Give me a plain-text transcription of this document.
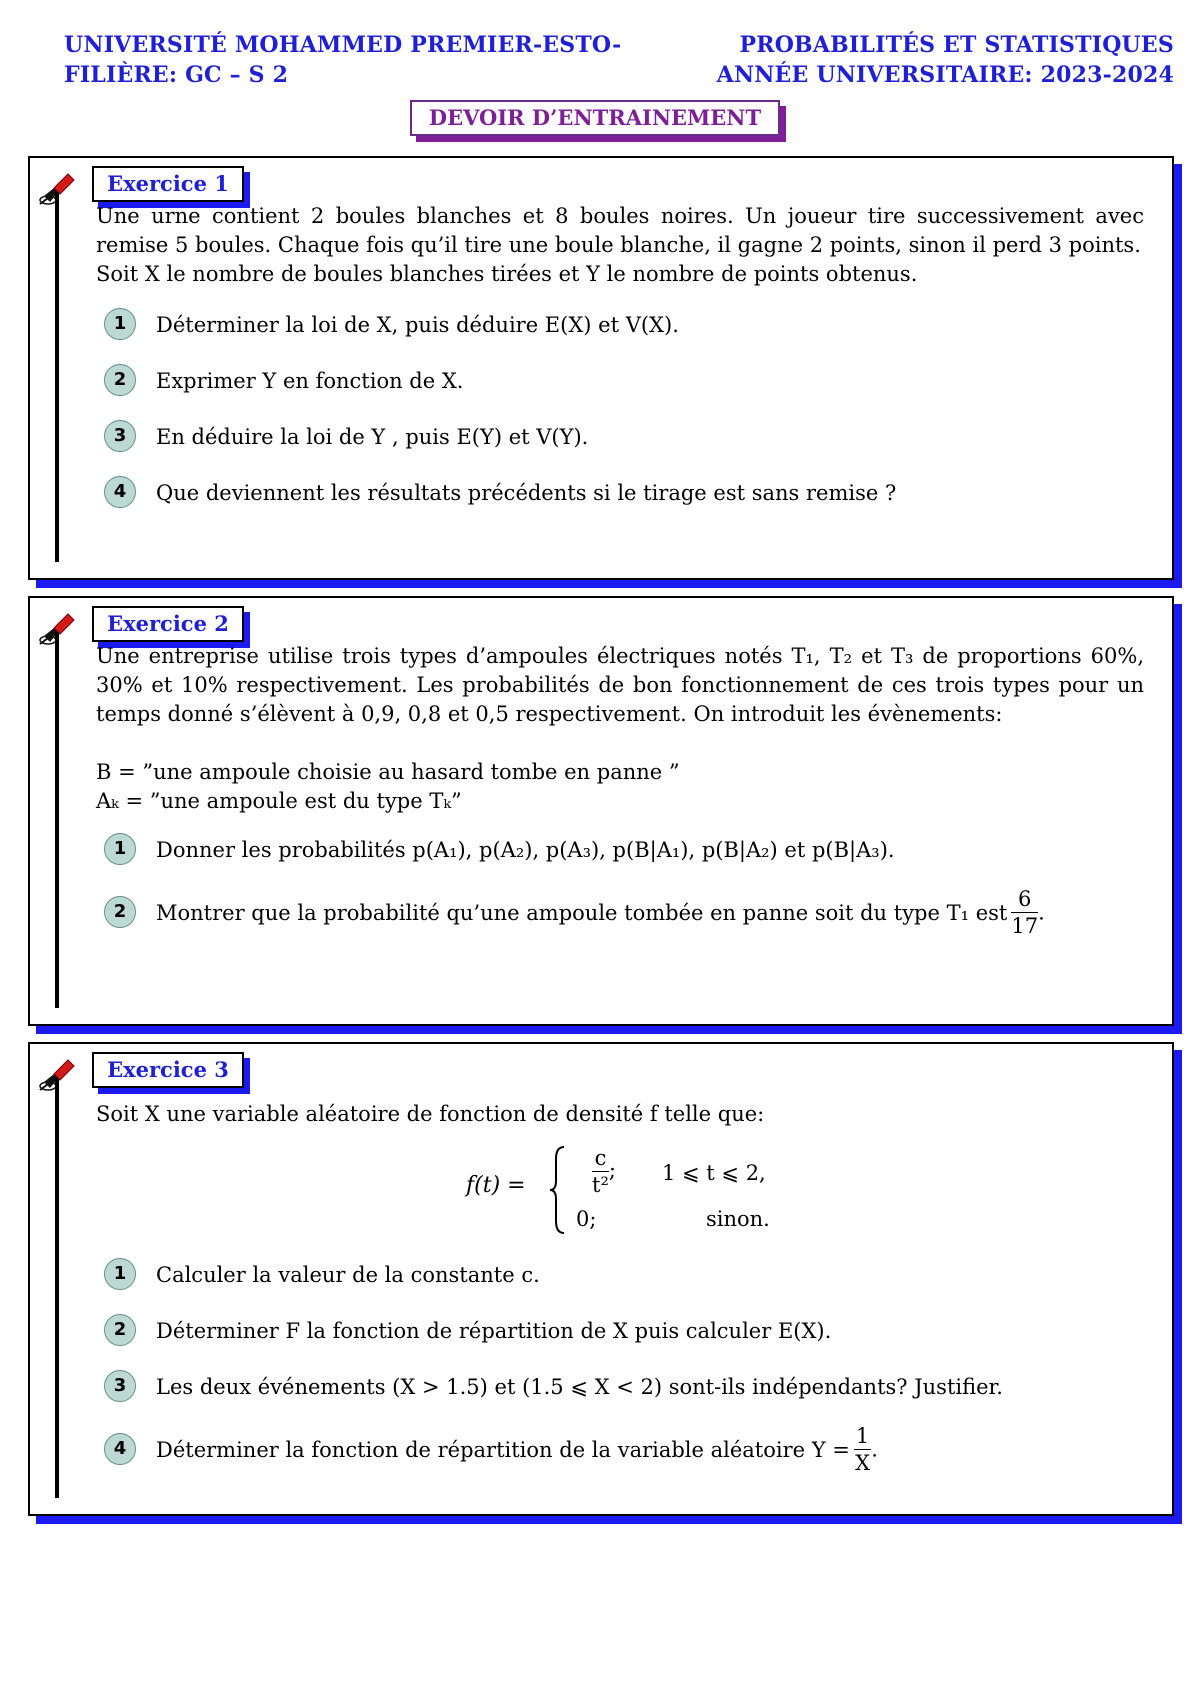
UNIVERSITÉ MOHAMMED PREMIER-ESTO-
FILIÈRE: GC – S 2
PROBABILITÉS ET STATISTIQUES
ANNÉE UNIVERSITAIRE: 2023-2024
DEVOIR D’ENTRAINEMENT
Exercice 1

Une urne contient 2 boules blanches et 8 boules noires. Un joueur tire successivement avec remise 5 boules. Chaque fois qu’il tire une boule blanche, il gagne 2 points, sinon il perd 3 points.

Soit X le nombre de boules blanches tirées et Y le nombre de points obtenus.

1	Déterminer la loi de X, puis déduire E(X) et V(X).
2	Exprimer Y en fonction de X.
3	En déduire la loi de Y , puis E(Y) et V(Y).
4	Que deviennent les résultats précédents si le tirage est sans remise ?
Exercice 2

Une entreprise utilise trois types d’ampoules électriques notés T₁, T₂ et T₃ de proportions 60%, 30% et 10% respectivement. Les probabilités de bon fonctionnement de ces trois types pour un temps donné s’élèvent à 0,9, 0,8 et 0,5 respectivement. On introduit les évènements:

B = ”une ampoule choisie au hasard tombe en panne ”

Aₖ = ”une ampoule est du type Tₖ”

1	Donner les probabilités p(A₁), p(A₂), p(A₃), p(B|A₁), p(B|A₂) et p(B|A₃).
2	Montrer que la probabilité qu’une ampoule tombée en panne soit du type T₁ est $\frac{6}{17}$ .
Exercice 3

Soit X une variable aléatoire de fonction de densité f telle que:

f(t) =	$\frac{c}{\text{t²}}$ ;	1 ⩽ t ⩽ 2,
0;	sinon.
1	Calculer la valeur de la constante c.
2	Déterminer F la fonction de répartition de X puis calculer E(X).
3	Les deux événements (X > 1.5) et (1.5 ⩽ X < 2) sont-ils indépendants? Justifier.
4	Déterminer la fonction de répartition de la variable aléatoire $Y = \frac{1}{X}$ .
